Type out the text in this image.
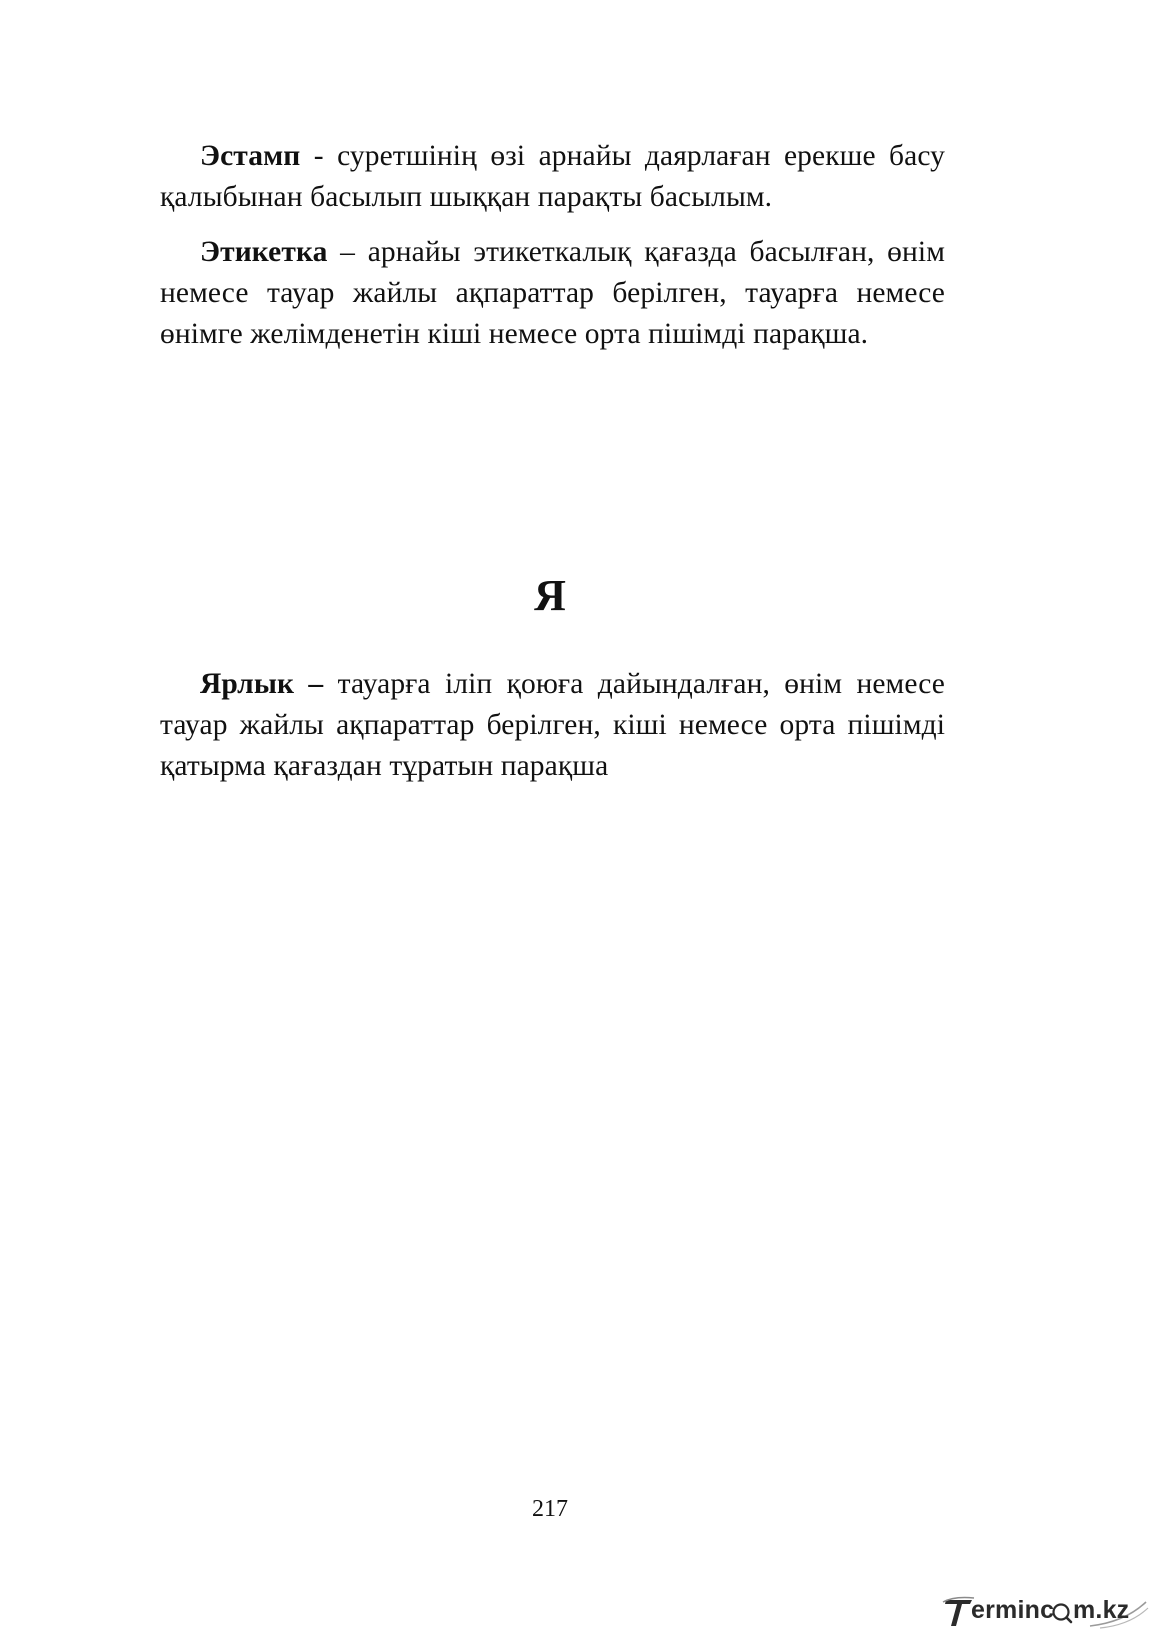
Эстамп - суретшінің өзі арнайы даярлаған ерекше басу қалыбынан басылып шыққан парақты басылым.

Этикетка – арнайы этикеткалық қағазда басылған, өнім немесе тауар жайлы ақпараттар берілген, тауарға немесе өнімге желімденетін кіші немесе орта пішімді парақша.

Я

Ярлык – тауарға іліп қоюға дайындалған, өнім немесе тауар жайлы ақпараттар берілген, кіші немесе орта пішімді қатырма қағаздан тұратын парақша

217
erminc m.kz
